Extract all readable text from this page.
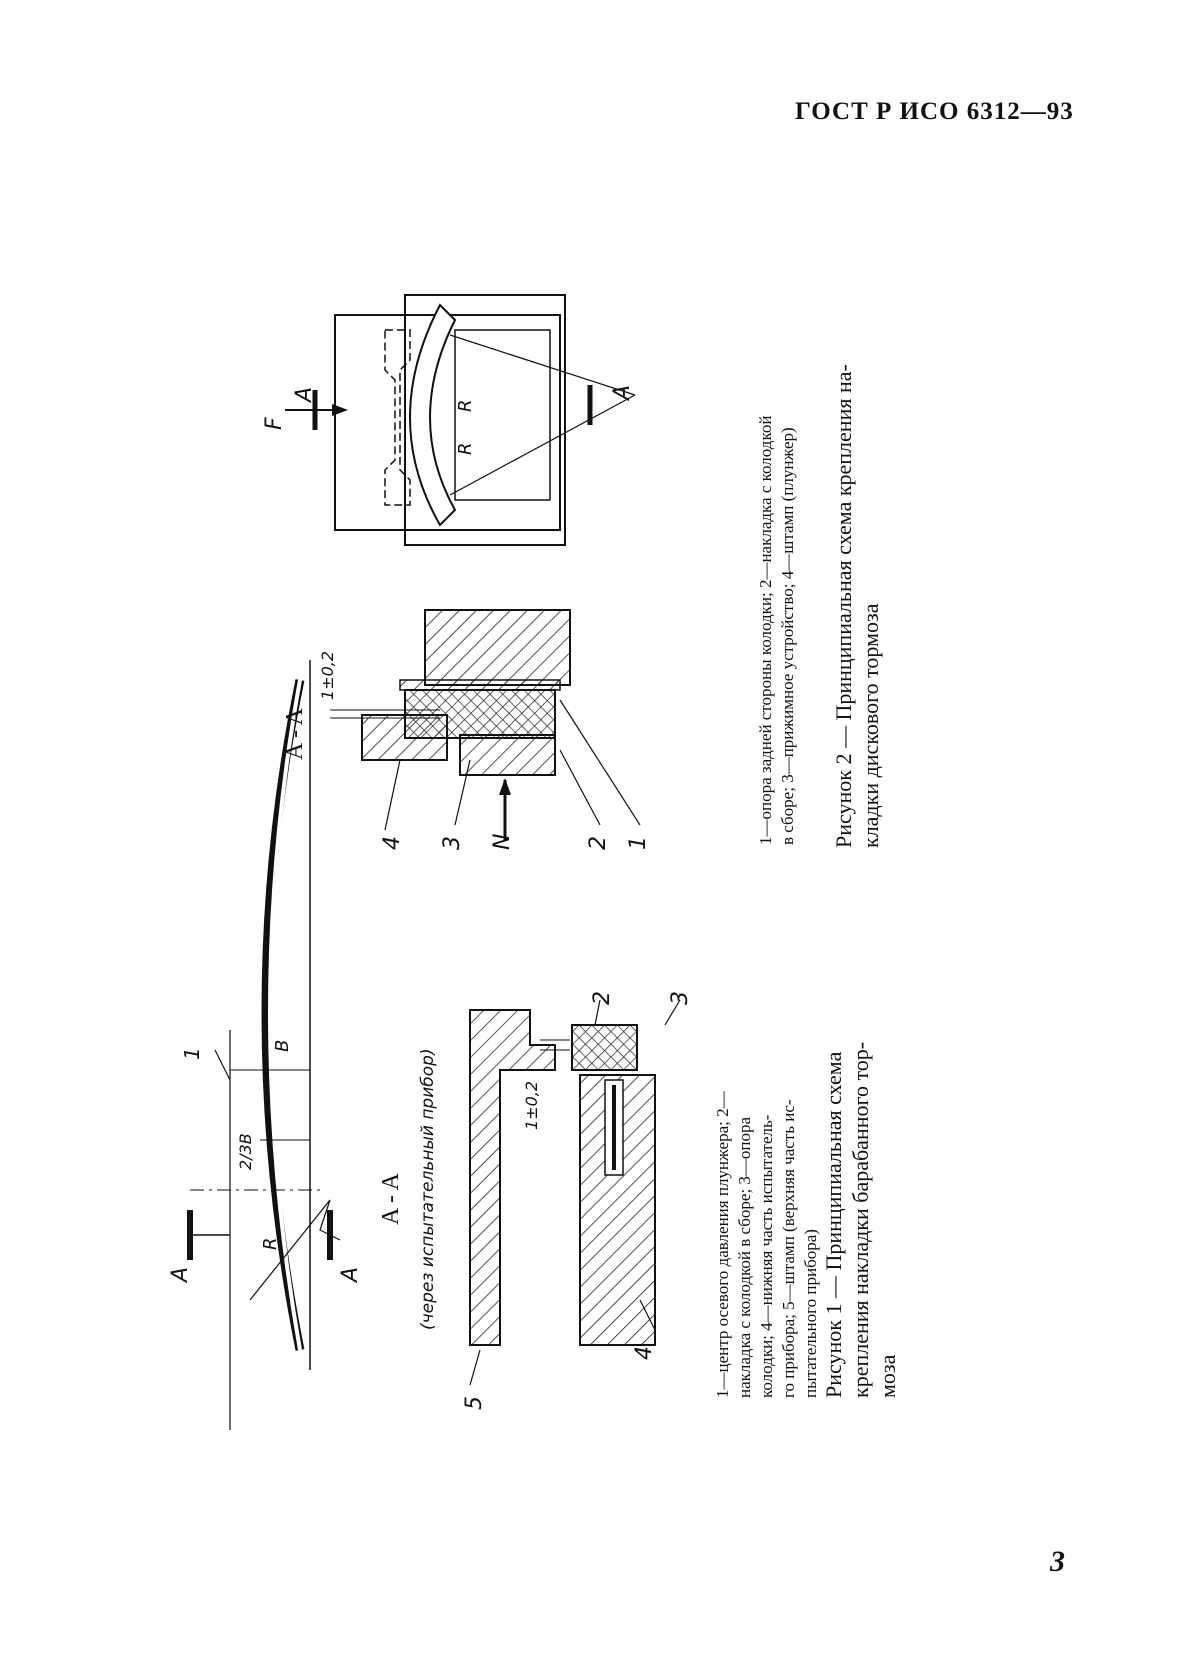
ГОСТ Р ИСО 6312—93
3
A	A
B
2/3B
R
1
A - A (через испытательный прибор)	1±0,2
5
4
2 3
A - A
1±0,2
4 3 N	2 1
F
A	A
R
R
1—центр осевого давления плунжера; 2— накладка с колодкой в сборе; 3—опора колодки; 4—нижняя часть испытатель- го прибора; 5—штамп (верхняя часть ис- пытательного прибора) Рисунок 1 — Принципиальная схема крепления накладки барабанного тор- моза
1—опора задней стороны колодки; 2—накладка с колодкой в сборе; 3—прижимное устройство; 4—штамп (плунжер) Рисунок 2 — Принципиальная схема крепления на- кладки дискового тормоза
